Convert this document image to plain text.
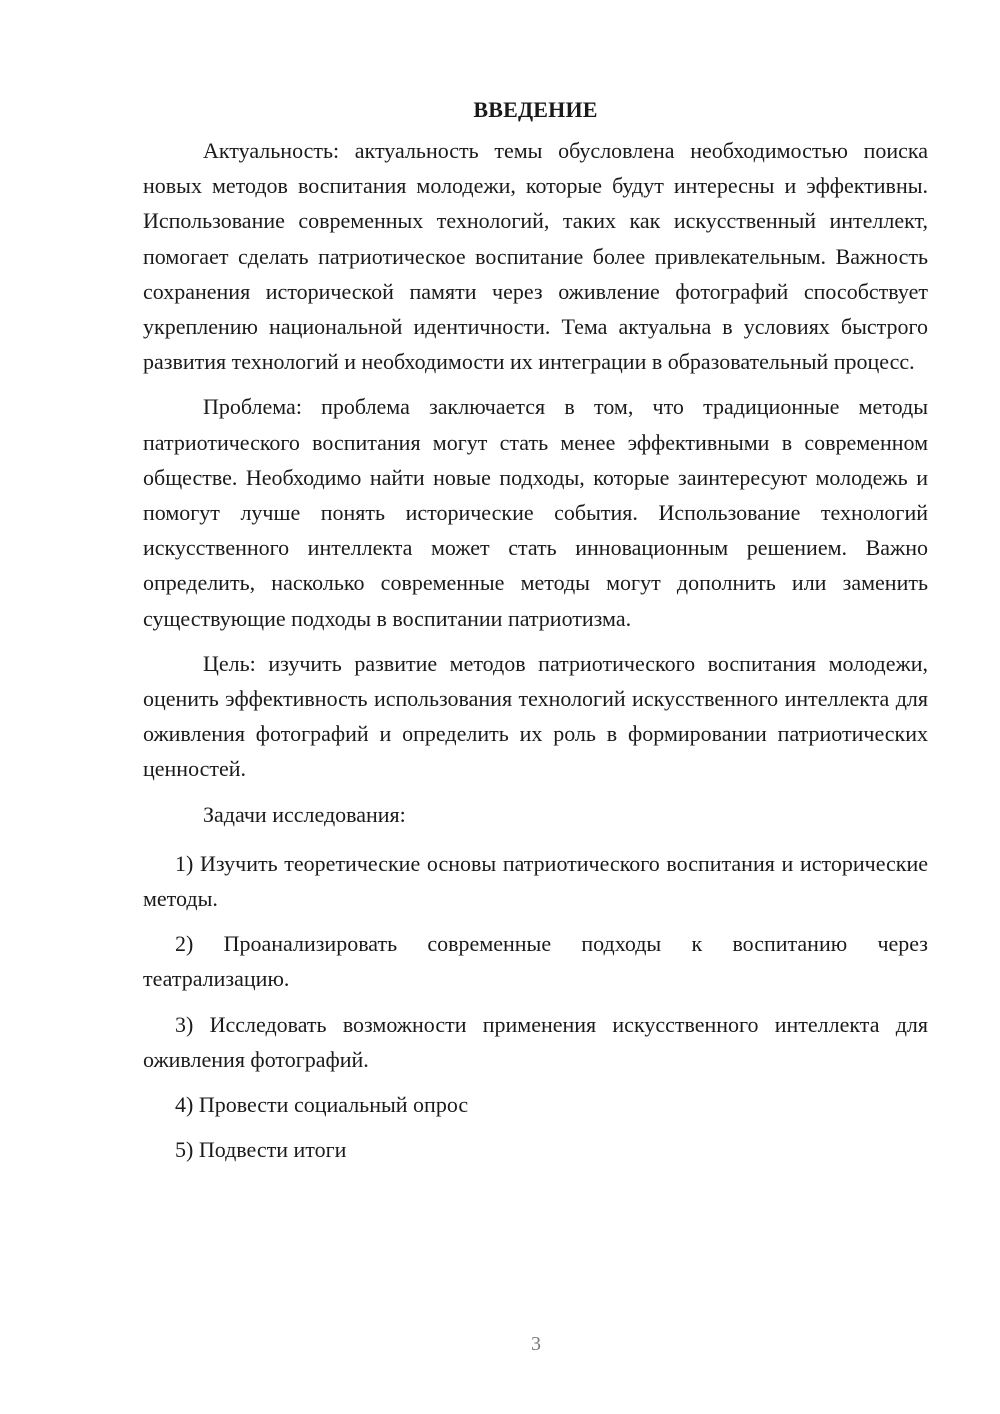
ВВЕДЕНИЕ

Актуальность: актуальность темы обусловлена необходимостью поиска новых методов воспитания молодежи, которые будут интересны и эффективны. Использование современных технологий, таких как искусственный интеллект, помогает сделать патриотическое воспитание более привлекательным. Важность сохранения исторической памяти через оживление фотографий способствует укреплению национальной идентичности. Тема актуальна в условиях быстрого развития технологий и необходимости их интеграции в образовательный процесс.

Проблема: проблема заключается в том, что традиционные методы патриотического воспитания могут стать менее эффективными в современном обществе. Необходимо найти новые подходы, которые заинтересуют молодежь и помогут лучше понять исторические события. Использование технологий искусственного интеллекта может стать инновационным решением. Важно определить, насколько современные методы могут дополнить или заменить существующие подходы в воспитании патриотизма.

Цель: изучить развитие методов патриотического воспитания молодежи, оценить эффективность использования технологий искусственного интеллекта для оживления фотографий и определить их роль в формировании патриотических ценностей.

Задачи исследования:

1) Изучить теоретические основы патриотического воспитания и исторические методы.

2) Проанализировать современные подходы к воспитанию через театрализацию.

3) Исследовать возможности применения искусственного интеллекта для оживления фотографий.

4) Провести социальный опрос

5) Подвести итоги

3
